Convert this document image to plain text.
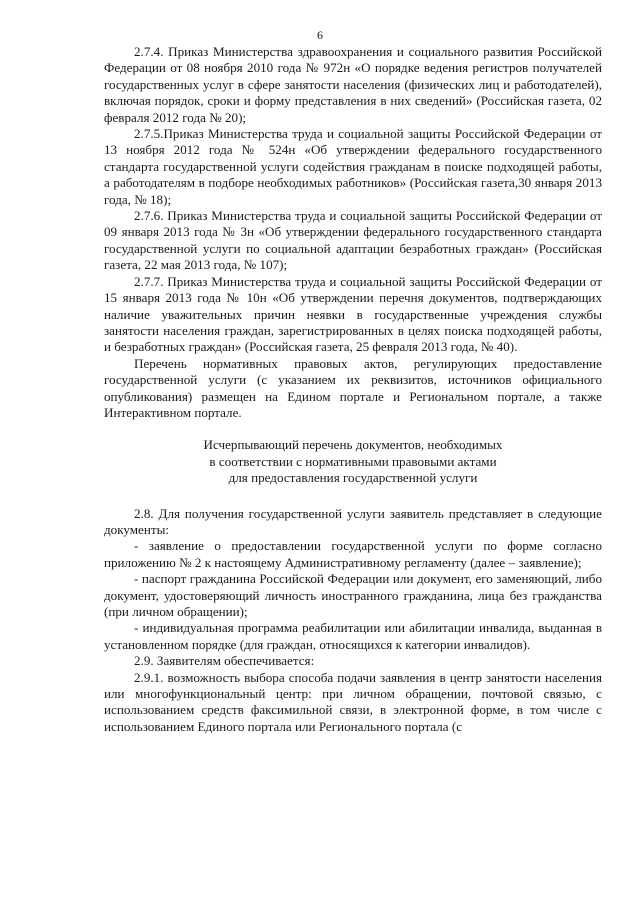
6

2.7.4. Приказ Министерства здравоохранения и социального развития Российской Федерации от 08 ноября 2010 года № 972н «О порядке ведения регистров получателей государственных услуг в сфере занятости населения (физических лиц и работодателей), включая порядок, сроки и форму представления в них сведений» (Российская газета, 02 февраля 2012 года № 20);

2.7.5.Приказ Министерства труда и социальной защиты Российской Федерации от 13 ноября 2012 года № 524н «Об утверждении федерального государственного стандарта государственной услуги содействия гражданам в поиске подходящей работы, а работодателям в подборе необходимых работников» (Российская газета,30 января 2013 года, № 18);

2.7.6. Приказ Министерства труда и социальной защиты Российской Федерации от 09 января 2013 года № 3н «Об утверждении федерального государственного стандарта государственной услуги по социальной адаптации безработных граждан» (Российская газета, 22 мая 2013 года, № 107);

2.7.7. Приказ Министерства труда и социальной защиты Российской Федерации от 15 января 2013 года № 10н «Об утверждении перечня документов, подтверждающих наличие уважительных причин неявки в государственные учреждения службы занятости населения граждан, зарегистрированных в целях поиска подходящей работы, и безработных граждан» (Российская газета, 25 февраля 2013 года, № 40).

Перечень нормативных правовых актов, регулирующих предоставление государственной услуги (с указанием их реквизитов, источников официального опубликования) размещен на Едином портале и Региональном портале, а также Интерактивном портале.

Исчерпывающий перечень документов, необходимых
в соответствии с нормативными правовыми актами
для предоставления государственной услуги

2.8. Для получения государственной услуги заявитель представляет в следующие документы:

- заявление о предоставлении государственной услуги по форме согласно приложению № 2 к настоящему Административному регламенту (далее – заявление);

- паспорт гражданина Российской Федерации или документ, его заменяющий, либо документ, удостоверяющий личность иностранного гражданина, лица без гражданства (при личном обращении);

- индивидуальная программа реабилитации или абилитации инвалида, выданная в установленном порядке (для граждан, относящихся к категории инвалидов).

2.9. Заявителям обеспечивается:

2.9.1. возможность выбора способа подачи заявления в центр занятости населения или многофункциональный центр: при личном обращении, почтовой связью, с использованием средств факсимильной связи, в электронной форме, в том числе с использованием Единого портала или Регионального портала (с
